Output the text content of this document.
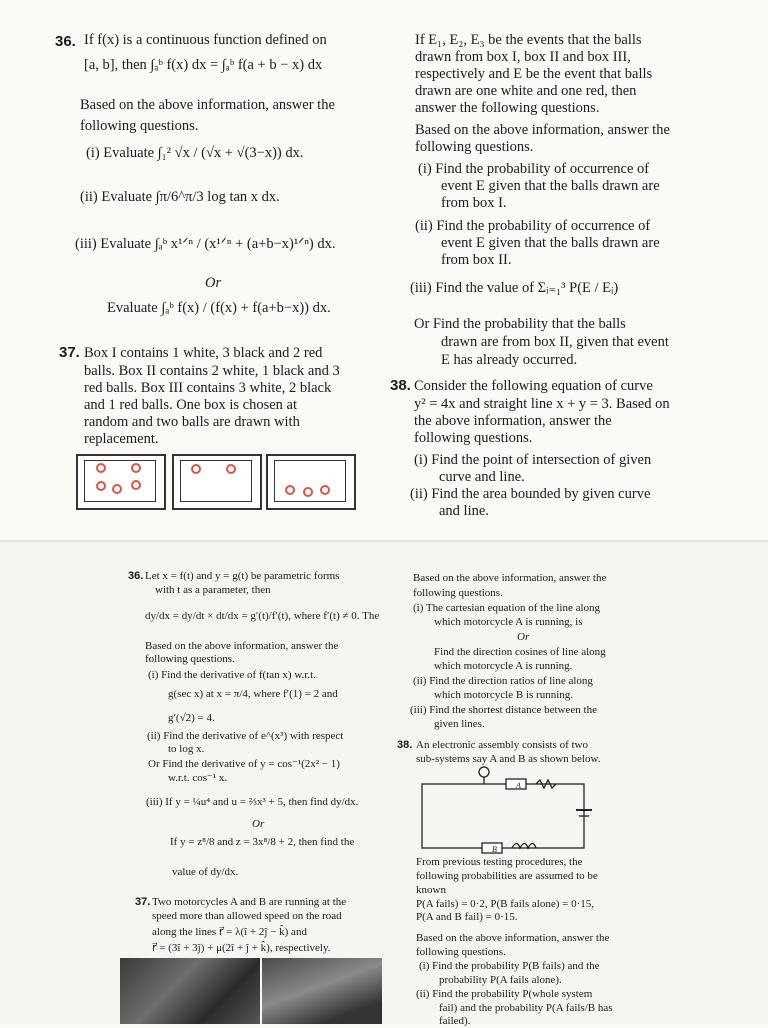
36. If f(x) is a continuous function defined on
[a, b], then ∫ₐᵇ f(x) dx = ∫ₐᵇ f(a + b − x) dx
Based on the above information, answer the
following questions.
(i) Evaluate ∫₁² √x / (√x + √(3−x)) dx.
(ii) Evaluate ∫π/6^π/3 log tan x dx.
(iii) Evaluate ∫ₐᵇ x¹ᐟⁿ / (x¹ᐟⁿ + (a+b−x)¹ᐟⁿ) dx.
Or
Evaluate ∫ₐᵇ f(x) / (f(x) + f(a+b−x)) dx.
37. Box I contains 1 white, 3 black and 2 red
balls. Box II contains 2 white, 1 black and 3
red balls. Box III contains 3 white, 2 black
and 1 red balls. One box is chosen at
random and two balls are drawn with
replacement.
If E₁, E₂, E₃ be the events that the balls
drawn from box I, box II and box III,
respectively and E be the event that balls
drawn are one white and one red, then
answer the following questions.
Based on the above information, answer the
following questions.
(i) Find the probability of occurrence of
event E given that the balls drawn are
from box I.
(ii) Find the probability of occurrence of
event E given that the balls drawn are
from box II.
(iii) Find the value of Σᵢ₌₁³ P(E / Eᵢ)
Or Find the probability that the balls
drawn are from box II, given that event
E has already occurred.
38. Consider the following equation of curve
y² = 4x and straight line x + y = 3. Based on
the above information, answer the
following questions.
(i) Find the point of intersection of given
curve and line.
(ii) Find the area bounded by given curve
and line.
36. Let x = f(t) and y = g(t) be parametric forms
with t as a parameter, then
dy/dx = dy/dt × dt/dx = g′(t)/f′(t), where f′(t) ≠ 0. The
Based on the above information, answer the
following questions.
(i) Find the derivative of f(tan x) w.r.t.
g(sec x) at x = π/4, where f′(1) = 2 and
g′(√2) = 4.
(ii) Find the derivative of e^(x³) with respect
to log x.
Or Find the derivative of y = cos⁻¹(2x² − 1)
w.r.t. cos⁻¹ x.
(iii) If y = ¼u⁴ and u = ⅔x³ + 5, then find dy/dx.
Or
If y = z⁸/8 and z = 3x⁸/8 + 2, then find the
value of dy/dx.
37. Two motorcycles A and B are running at the
speed more than allowed speed on the road
along the lines r⃗ = λ(î + 2ĵ − k̂) and
r⃗ = (3î + 3ĵ) + μ(2î + ĵ + k̂), respectively.
Based on the above information, answer the
following questions.
(i) The cartesian equation of the line along
which motorcycle A is running, is
Or
Find the direction cosines of line along
which motorcycle A is running.
(ii) Find the direction ratios of line along
which motorcycle B is running.
(iii) Find the shortest distance between the
given lines.
38. An electronic assembly consists of two
sub-systems say A and B as shown below.
A
B
From previous testing procedures, the
following probabilities are assumed to be
known
P(A fails) = 0·2, P(B fails alone) = 0·15,
P(A and B fail) = 0·15.
Based on the above information, answer the
following questions.
(i) Find the probability P(B fails) and the
probability P(A fails alone).
(ii) Find the probability P(whole system
fail) and the probability P(A fails/B has
failed).
